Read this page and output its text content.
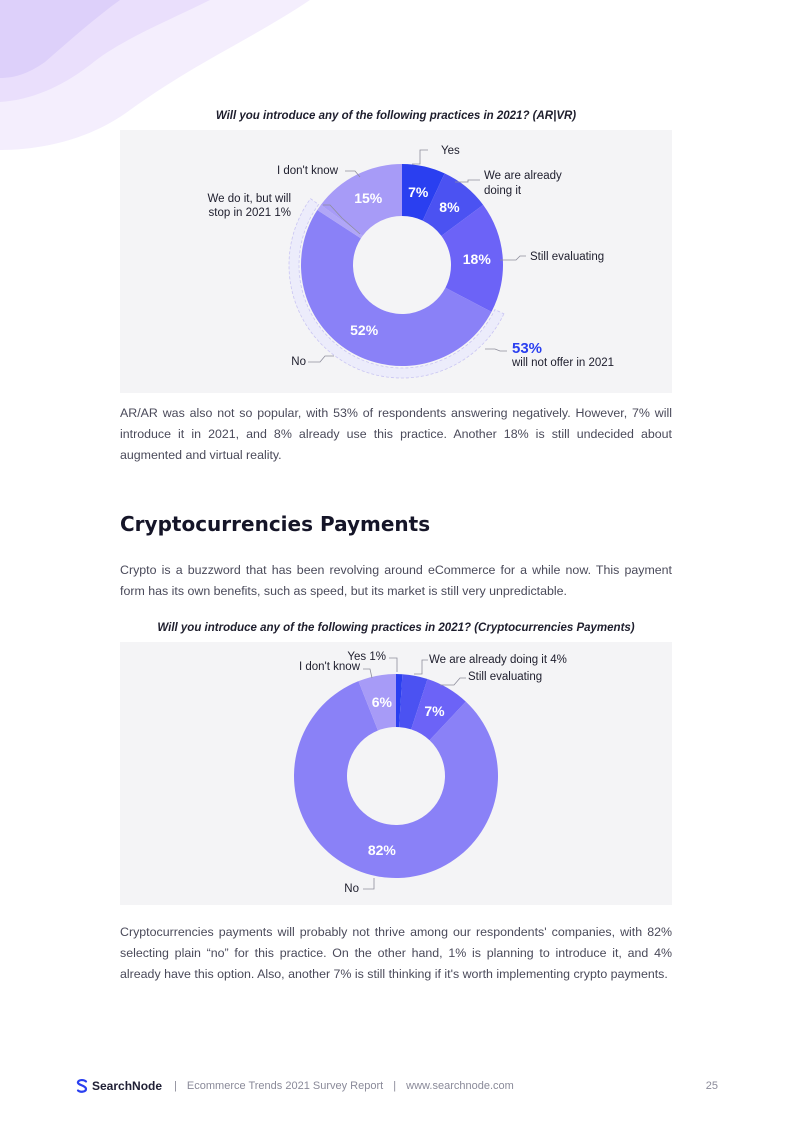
Will you introduce any of the following practices in 2021? (AR|VR)
7%
8%
18%
52%
15%
Yes
We are already
doing it
Still evaluating
No
We do it, but will
stop in 2021 1%
I don't know
53%
will not offer in 2021

AR/AR was also not so popular, with 53% of respondents answering negatively. However, 7% will introduce it in 2021, and 8% already use this practice. Another 18% is still undecided about augmented and virtual reality.

Cryptocurrencies Payments

Crypto is a buzzword that has been revolving around eCommerce for a while now. This payment form has its own benefits, such as speed, but its market is still very unpredictable.

Will you introduce any of the following practices in 2021? (Cryptocurrencies Payments)
7%
82%
6%
Yes 1%	We are already doing it 4%
Still evaluating
No
I don't know

Cryptocurrencies payments will probably not thrive among our respondents' companies, with 82% selecting plain “no” for this practice. On the other hand, 1% is planning to introduce it, and 4% already have this option. Also, another 7% is still thinking if it's worth implementing crypto payments.

SearchNode	| Ecommerce Trends 2021 Survey Report | www.searchnode.com	25
